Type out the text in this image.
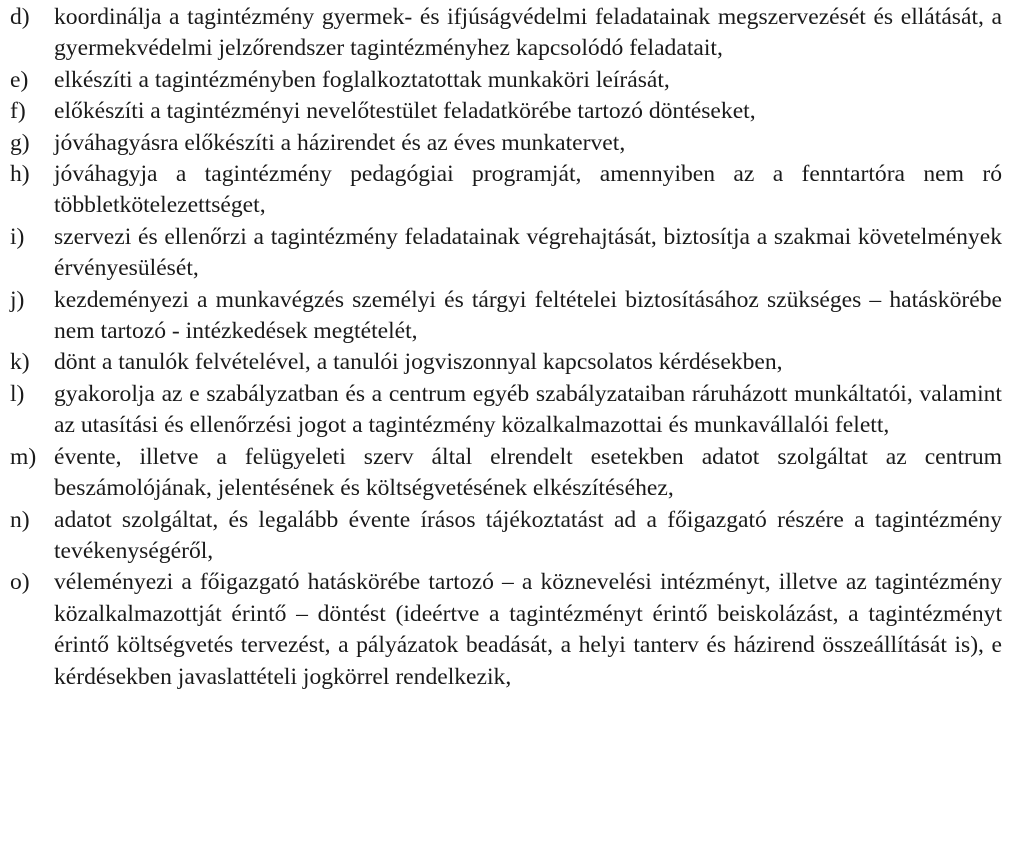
d)	koordinálja a tagintézmény gyermek- és ifjúságvédelmi feladatainak megszervezését és ellátását, a gyermekvédelmi jelzőrendszer tagintézményhez kapcsolódó feladatait,
e)	elkészíti a tagintézményben foglalkoztatottak munkaköri leírását,
f)	előkészíti a tagintézményi nevelőtestület feladatkörébe tartozó döntéseket,
g)	jóváhagyásra előkészíti a házirendet és az éves munkatervet,
h)	jóváhagyja a tagintézmény pedagógiai programját, amennyiben az a fenntartóra nem ró többletkötelezettséget,
i)	szervezi és ellenőrzi a tagintézmény feladatainak végrehajtását, biztosítja a szakmai követelmények érvényesülését,
j)	kezdeményezi a munkavégzés személyi és tárgyi feltételei biztosításához szükséges – hatáskörébe nem tartozó - intézkedések megtételét,
k)	dönt a tanulók felvételével, a tanulói jogviszonnyal kapcsolatos kérdésekben,
l)	gyakorolja az e szabályzatban és a centrum egyéb szabályzataiban ráruházott munkáltatói, valamint az utasítási és ellenőrzési jogot a tagintézmény közalkalmazottai és munkavállalói felett,
m) évente, illetve a felügyeleti szerv által elrendelt esetekben adatot szolgáltat az centrum beszámolójának, jelentésének és költségvetésének elkészítéséhez,
n)	adatot szolgáltat, és legalább évente írásos tájékoztatást ad a főigazgató részére a tagintézmény tevékenységéről,
o)	véleményezi a főigazgató hatáskörébe tartozó – a köznevelési intézményt, illetve az tagintézmény közalkalmazottját érintő – döntést (ideértve a tagintézményt érintő beiskolázást, a tagintézményt érintő költségvetés tervezést, a pályázatok beadását, a helyi tanterv és házirend összeállítását is), e kérdésekben javaslattételi jogkörrel rendelkezik,
